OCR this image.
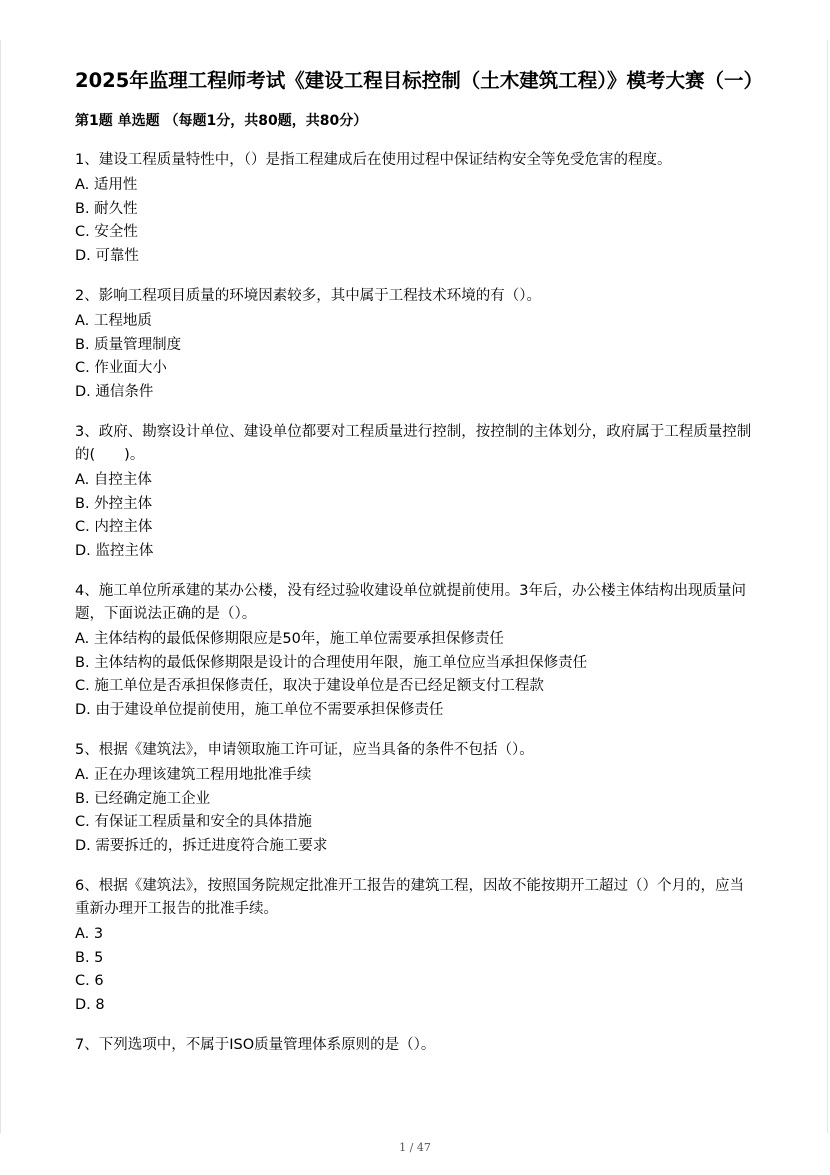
2025年监理工程师考试《建设工程目标控制（土木建筑工程）》模考大赛（一）
第1题 单选题 （每题1分，共80题，共80分）

1、建设工程质量特性中，（）是指工程建成后在使用过程中保证结构安全等免受危害的程度。

A. 适用性

B. 耐久性

C. 安全性

D. 可靠性

2、影响工程项目质量的环境因素较多，其中属于工程技术环境的有（）。

A. 工程地质

B. 质量管理制度

C. 作业面大小

D. 通信条件

3、政府、勘察设计单位、建设单位都要对工程质量进行控制，按控制的主体划分，政府属于工程质量控制的(　　)。

A. 自控主体

B. 外控主体

C. 内控主体

D. 监控主体

4、施工单位所承建的某办公楼，没有经过验收建设单位就提前使用。3年后，办公楼主体结构出现质量问题，下面说法正确的是（）。

A. 主体结构的最低保修期限应是50年，施工单位需要承担保修责任

B. 主体结构的最低保修期限是设计的合理使用年限，施工单位应当承担保修责任

C. 施工单位是否承担保修责任，取决于建设单位是否已经足额支付工程款

D. 由于建设单位提前使用，施工单位不需要承担保修责任

5、根据《建筑法》，申请领取施工许可证，应当具备的条件不包括（）。

A. 正在办理该建筑工程用地批准手续

B. 已经确定施工企业

C. 有保证工程质量和安全的具体措施

D. 需要拆迁的，拆迁进度符合施工要求

6、根据《建筑法》，按照国务院规定批准开工报告的建筑工程，因故不能按期开工超过（）个月的，应当重新办理开工报告的批准手续。

A. 3

B. 5

C. 6

D. 8

7、下列选项中，不属于ISO质量管理体系原则的是（）。

1 / 47
